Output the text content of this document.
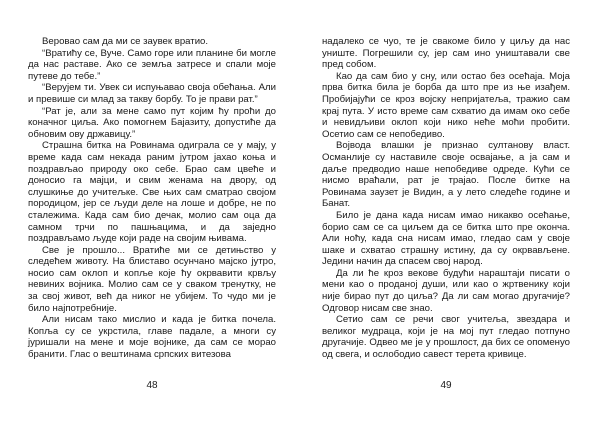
Веровао сам да ми се заувек вратио.

“Вратићу се, Вуче. Само горе или планине би могле да нас раставе. Ако се земља затресе и спали моје путеве до тебе.”

“Верујем ти. Увек си испуњавао своја обећања. Али и превише си млад за такву борбу. То је прави рат.”

“Рат је, али за мене само пут којим ћу проћи до коначног циља. Ако помогнем Бајазиту, допустиће да обновим ову државицу.”

Страшна битка на Ровинама одиграла се у мају, у време када сам некада раним јутром јахао коња и поздрављао природу око себе. Брао сам цвеће и доносио га мајци, и свим женама на двору, од слушкиње до учитељке. Све њих сам сматрао својом породицом, јер се људи деле на лоше и добре, не по сталежима. Када сам био дечак, молио сам оца да самном трчи по пашњацима, и да заједно поздрављамо људе који раде на својим њивама.

Све је прошло... Вратиће ми се детињство у следећем животу. На блиставо осунчано мајско јутро, носио сам оклоп и копље које ћу окрвавити крвљу невиних војника. Молио сам се у сваком тренутку, не за свој живот, већ да никог не убијем. То чудо ми је било најпотребније.

Али нисам тако мислио и када је битка почела. Копља су се укрстила, главе падале, а многи су јуришали на мене и моје војнике, да сам се морао бранити. Глас о вештинама српских витезова

48

надалеко се чуо, те је свакоме било у циљу да нас униште. Погрешили су, јер сам ино уништавали све пред собом.

Као да сам био у сну, или остао без осећаја. Моја прва битка била је борба да што пре из ње изађем. Пробијајући се кроз војску непријатеља, тражио сам крај пута. У исто време сам схватио да имам око себе и невидљиви оклоп који нико нећe моћи пробити. Осетио сам се непобедиво.

Војвода влашки је признао султанову власт. Османлије су наставиле своје освајање, а ја сам и даље предводио наше непобедиве одреде. Кући се нисмо враћали, рат је трајао. После битке на Ровинама заузет је Видин, а у лето следеће године и Банат.

Било је дана када нисам имао никакво осећање, борио сам се са циљем да се битка што пре оконча. Али ноћу, када сна нисам имао, гледао сам у своје шаке и схватао страшну истину, да су окрвављене. Једини начин да спасем свој нарoд.

Да ли ће кроз векове будући нараштаји писати о мени као о проданој души, или као о жртвенику који није бирао пут до циља? Да ли сам могао другачије? Одговор нисам све знао.

Сетио сам се речи свог учитеља, звездара и великог мудраца, који је на мој пут гледао потпуно другачије. Одвео ме је у прошлост, да бих се опоменуо од свега, и ослободио савест терета кривице.

49
